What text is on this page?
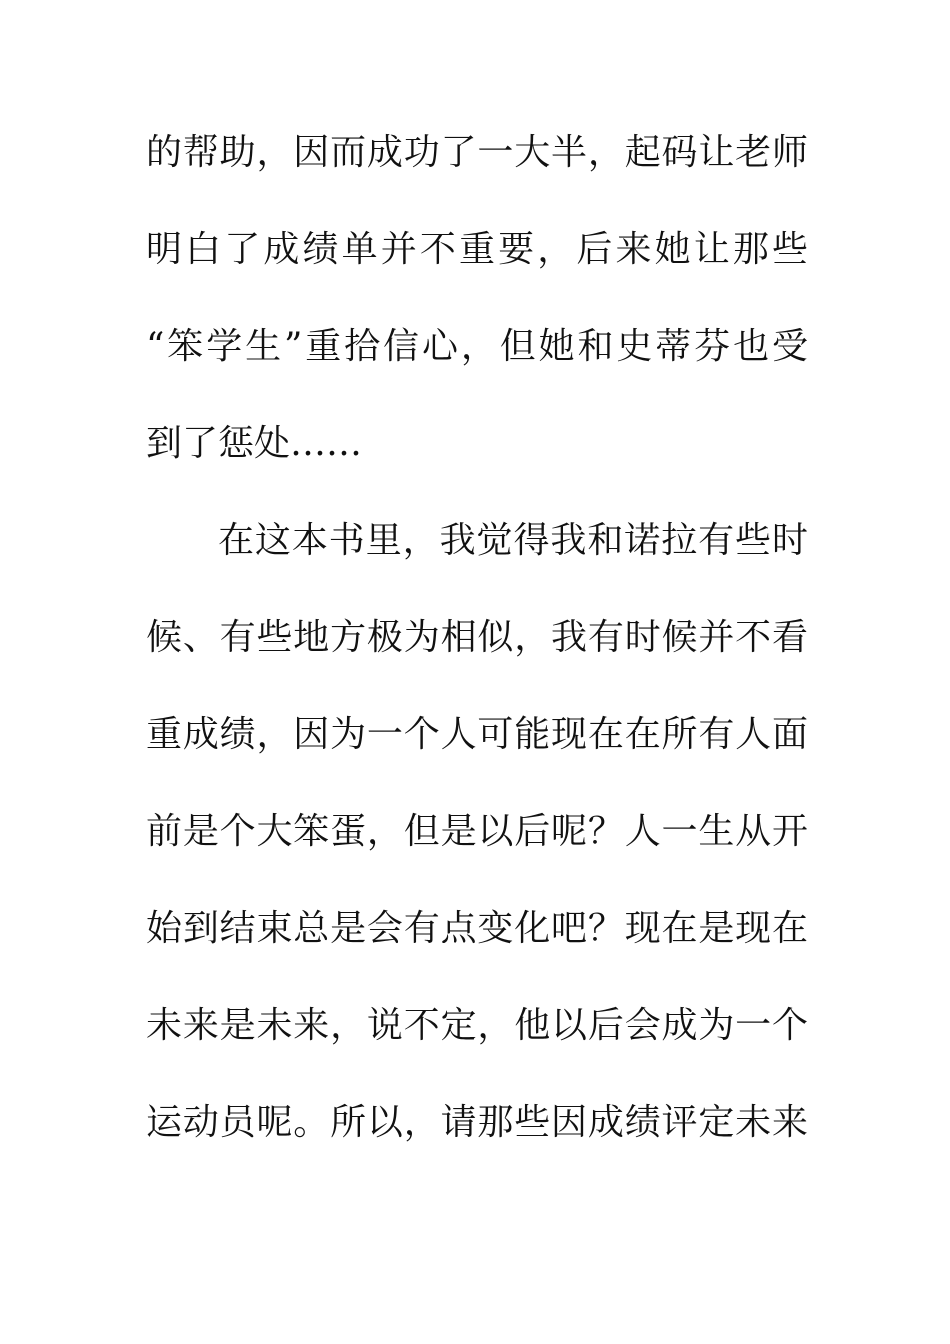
的帮助，因而成功了一大半，起码让老师
明白了成绩单并不重要，后来她让那些
“笨学生”重拾信心，但她和史蒂芬也受
到了惩处……
在这本书里，我觉得我和诺拉有些时
候、有些地方极为相似，我有时候并不看
重成绩，因为一个人可能现在在所有人面
前是个大笨蛋，但是以后呢？人一生从开
始到结束总是会有点变化吧？现在是现在
未来是未来，说不定，他以后会成为一个
运动员呢。所以，请那些因成绩评定未来
